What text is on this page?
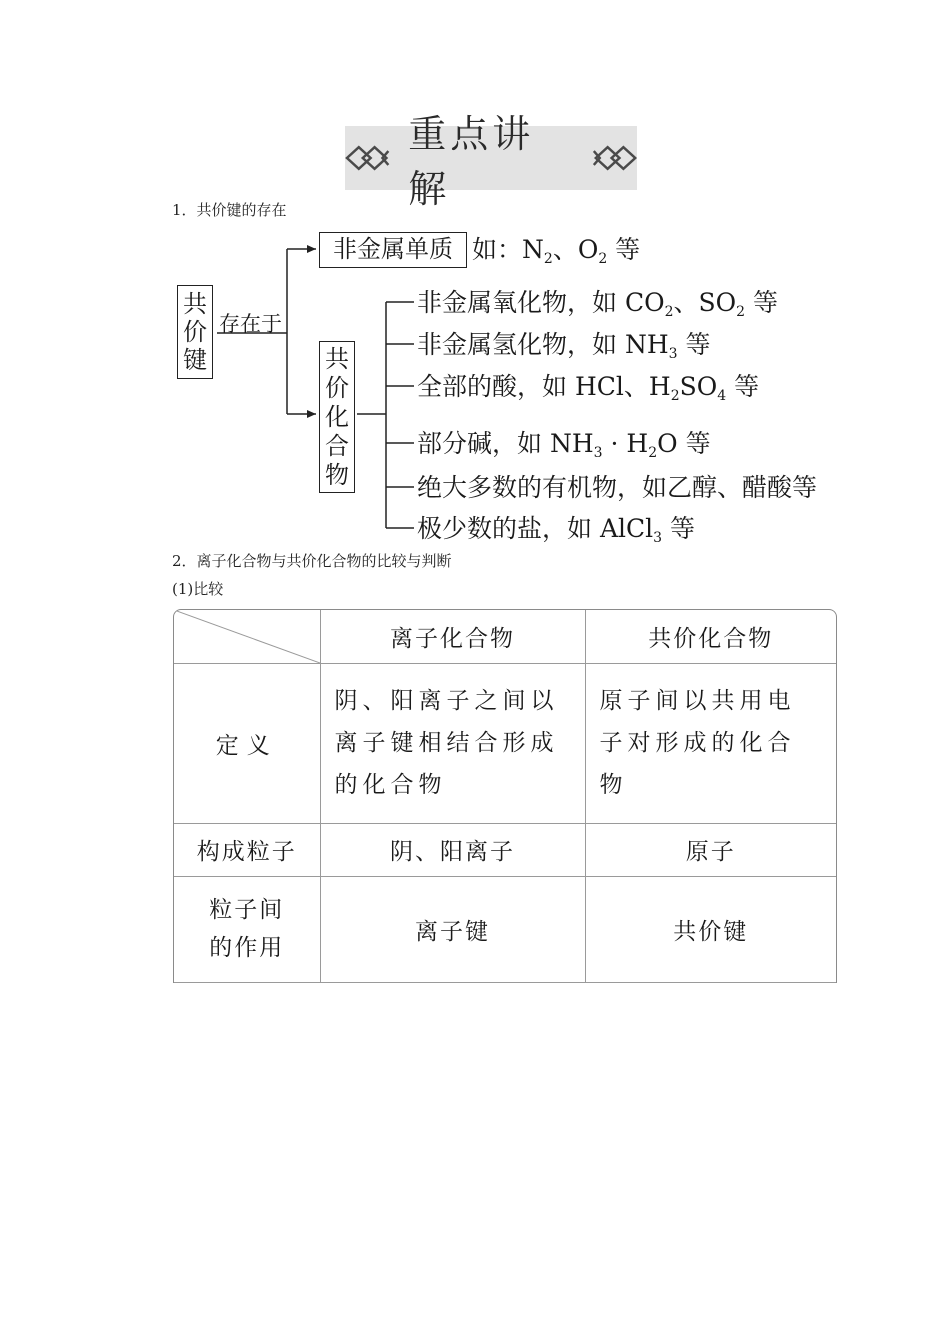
重点讲解
1．共价键的存在
共
价
键
存在于
非金属单质 如：$N_2$、$O_2$ 等
共
价
化
合
物
非金属氧化物，如 $CO_2$、$SO_2$ 等
非金属氢化物，如 $NH_3$ 等
全部的酸，如 HCl、$H_2SO_4$ 等
部分碱，如 $NH_3 \cdot H_2O$ 等
绝大多数的有机物，如乙醇、醋酸等
极少数的盐，如 AlCl$_3$ 等
2．离子化合物与共价化合物的比较与判断
(1)比较
	离子化合物	共价化合物
定义	阴、阳离子之间以离子键相结合形成的化合物	原子间以共用电子对形成的化合物
构成粒子	阴、阳离子	原子
粒子间的作用	离子键	共价键
